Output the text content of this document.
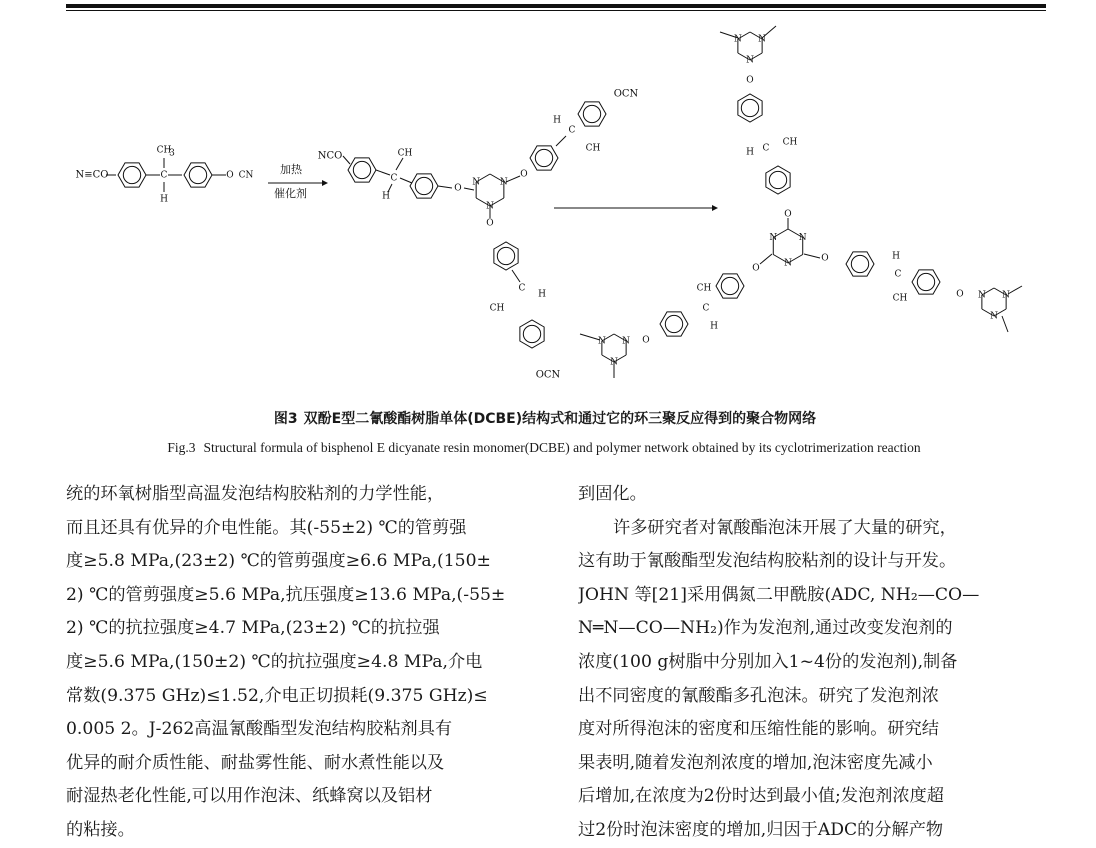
N≡CO	C
CH
3
H
O CN
NCO
C
CH
H
O
N
N
N
O
C
H
CH
OCN
O
C
H
CH
OCN
N
N
N
O
C
H
CH
O
N
N
N
O
C
H
CH	O	N
N
N
O
C
CH
H
O
N
N
N
加热
催化剂
图3 双酚E型二氰酸酯树脂单体(DCBE)结构式和通过它的环三聚反应得到的聚合物网络
Fig.3 Structural formula of bisphenol E dicyanate resin monomer(DCBE) and polymer network obtained by its cyclotrimerization reaction
统的环氧树脂型高温发泡结构胶粘剂的力学性能，
而且还具有优异的介电性能。其(-55±2) ℃的管剪强
度≥5.8 MPa,(23±2) ℃的管剪强度≥6.6 MPa,(150±
2) ℃的管剪强度≥5.6 MPa,抗压强度≥13.6 MPa,(-55±
2) ℃的抗拉强度≥4.7 MPa,(23±2) ℃的抗拉强
度≥5.6 MPa,(150±2) ℃的抗拉强度≥4.8 MPa,介电
常数(9.375 GHz)≤1.52,介电正切损耗(9.375 GHz)≤
0.005 2。J-262高温氰酸酯型发泡结构胶粘剂具有
优异的耐介质性能、耐盐雾性能、耐水煮性能以及
耐湿热老化性能,可以用作泡沫、纸蜂窝以及铝材
的粘接。
到固化。
许多研究者对氰酸酯泡沫开展了大量的研究，
这有助于氰酸酯型发泡结构胶粘剂的设计与开发。
JOHN 等[21]采用偶氮二甲酰胺(ADC, NH₂—CO—
N═N—CO—NH₂)作为发泡剂,通过改变发泡剂的
浓度(100 g树脂中分别加入1~4份的发泡剂),制备
出不同密度的氰酸酯多孔泡沫。研究了发泡剂浓
度对所得泡沫的密度和压缩性能的影响。研究结
果表明,随着发泡剂浓度的增加,泡沫密度先减小
后增加,在浓度为2份时达到最小值;发泡剂浓度超
过2份时泡沫密度的增加,归因于ADC的分解产物
